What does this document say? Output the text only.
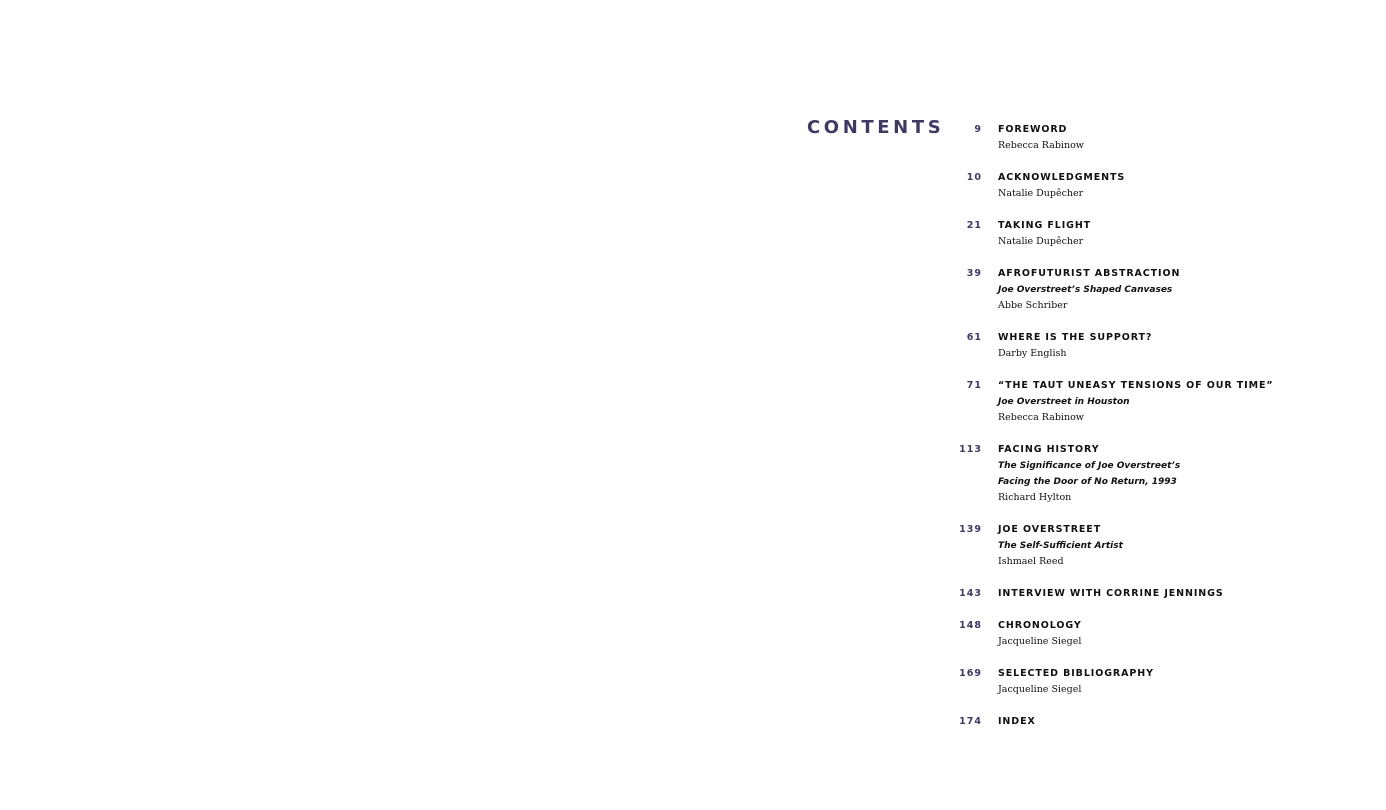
CONTENTS	9	FOREWORD
Rebecca Rabinow
10	ACKNOWLEDGMENTS
Natalie Dupêcher
21	TAKING FLIGHT
Natalie Dupêcher
39	AFROFUTURIST ABSTRACTION
Joe Overstreet’s Shaped Canvases
Abbe Schriber
61	WHERE IS THE SUPPORT?
Darby English
71	“THE TAUT UNEASY TENSIONS OF OUR TIME”
Joe Overstreet in Houston
Rebecca Rabinow
113	FACING HISTORY
The Significance of Joe Overstreet’s
Facing the Door of No Return, 1993
Richard Hylton
139	JOE OVERSTREET
The Self-Sufficient Artist
Ishmael Reed
143	INTERVIEW WITH CORRINE JENNINGS
148	CHRONOLOGY
Jacqueline Siegel
169	SELECTED BIBLIOGRAPHY
Jacqueline Siegel
174	INDEX
